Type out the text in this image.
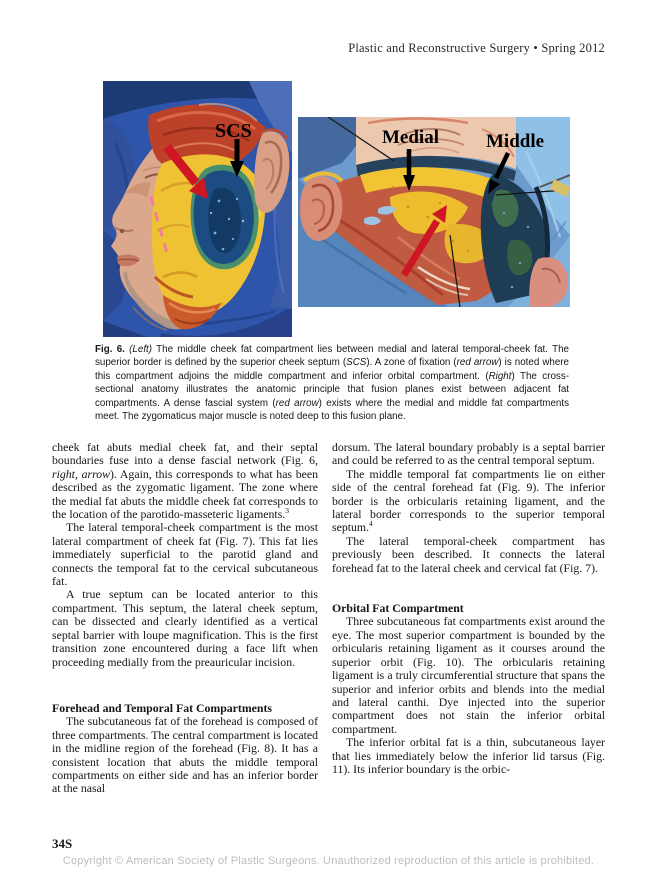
Plastic and Reconstructive Surgery • Spring 2012
SCS	Medial Middle

Fig. 6. (Left) The middle cheek fat compartment lies between medial and lateral temporal-cheek fat. The superior border is defined by the superior cheek septum (SCS). A zone of fixation (red arrow) is noted where this compartment adjoins the middle compartment and inferior orbital compartment. (Right) The cross-sectional anatomy illustrates the anatomic principle that fusion planes exist between adjacent fat compartments. A dense fascial system (red arrow) exists where the medial and middle fat compartments meet. The zygomaticus major muscle is noted deep to this fusion plane.

cheek fat abuts medial cheek fat, and their septal boundaries fuse into a dense fascial network (Fig. 6, right, arrow). Again, this corresponds to what has been described as the zygomatic ligament. The zone where the medial fat abuts the middle cheek fat corresponds to the location of the parotido-masseteric ligaments.$^3$

The lateral temporal-cheek compartment is the most lateral compartment of cheek fat (Fig. 7). This fat lies immediately superficial to the parotid gland and connects the temporal fat to the cervical subcutaneous fat.

A true septum can be located anterior to this compartment. This septum, the lateral cheek septum, can be dissected and clearly identified as a vertical septal barrier with loupe magnification. This is the first transition zone encountered during a face lift when proceeding medially from the preauricular incision.

Forehead and Temporal Fat Compartments

The subcutaneous fat of the forehead is composed of three compartments. The central compartment is located in the midline region of the forehead (Fig. 8). It has a consistent location that abuts the middle temporal compartments on either side and has an inferior border at the nasal

dorsum. The lateral boundary probably is a septal barrier and could be referred to as the central temporal septum.

The middle temporal fat compartments lie on either side of the central forehead fat (Fig. 9). The inferior border is the orbicularis retaining ligament, and the lateral border corresponds to the superior temporal septum.$^4$

The lateral temporal-cheek compartment has previously been described. It connects the lateral forehead fat to the lateral cheek and cervical fat (Fig. 7).

Orbital Fat Compartment

Three subcutaneous fat compartments exist around the eye. The most superior compartment is bounded by the orbicularis retaining ligament as it courses around the superior orbit (Fig. 10). The orbicularis retaining ligament is a truly circumferential structure that spans the superior and inferior orbits and blends into the medial and lateral canthi. Dye injected into the superior compartment does not stain the inferior orbital compartment.

The inferior orbital fat is a thin, subcutaneous layer that lies immediately below the inferior lid tarsus (Fig. 11). Its inferior boundary is the orbic-

34S
Copyright © American Society of Plastic Surgeons. Unauthorized reproduction of this article is prohibited.
